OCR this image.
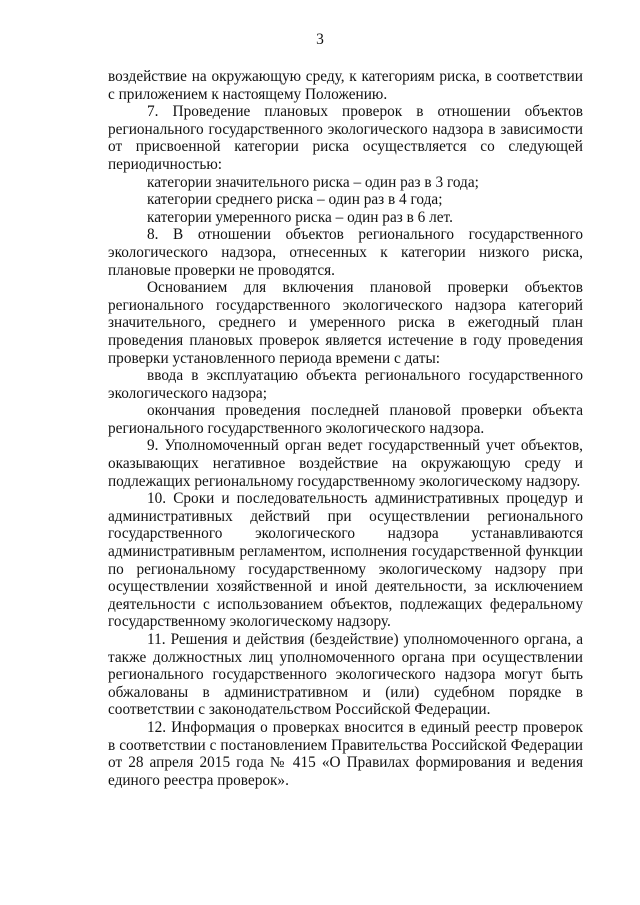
3

воздействие на окружающую среду, к категориям риска, в соответствии с приложением к настоящему Положению.

7. Проведение плановых проверок в отношении объектов регионального государственного экологического надзора в зависимости от присвоенной категории риска осуществляется со следующей периодичностью:

категории значительного риска – один раз в 3 года;

категории среднего риска – один раз в 4 года;

категории умеренного риска – один раз в 6 лет.

8. В отношении объектов регионального государственного экологического надзора, отнесенных к категории низкого риска, плановые проверки не проводятся.

Основанием для включения плановой проверки объектов регионального государственного экологического надзора категорий значительного, среднего и умеренного риска в ежегодный план проведения плановых проверок является истечение в году проведения проверки установленного периода времени с даты:

ввода в эксплуатацию объекта регионального государственного экологического надзора;

окончания проведения последней плановой проверки объекта регионального государственного экологического надзора.

9. Уполномоченный орган ведет государственный учет объектов, оказывающих негативное воздействие на окружающую среду и подлежащих региональному государственному экологическому надзору.

10. Сроки и последовательность административных процедур и административных действий при осуществлении регионального государственного экологического надзора устанавливаются административным регламентом, исполнения государственной функции по региональному государственному экологическому надзору при осуществлении хозяйственной и иной деятельности, за исключением деятельности с использованием объектов, подлежащих федеральному государственному экологическому надзору.

11. Решения и действия (бездействие) уполномоченного органа, а также должностных лиц уполномоченного органа при осуществлении регионального государственного экологического надзора могут быть обжалованы в административном и (или) судебном порядке в соответствии с законодательством Российской Федерации.

12. Информация о проверках вносится в единый реестр проверок в соответствии с постановлением Правительства Российской Федерации от 28 апреля 2015 года № 415 «О Правилах формирования и ведения единого реестра проверок».
